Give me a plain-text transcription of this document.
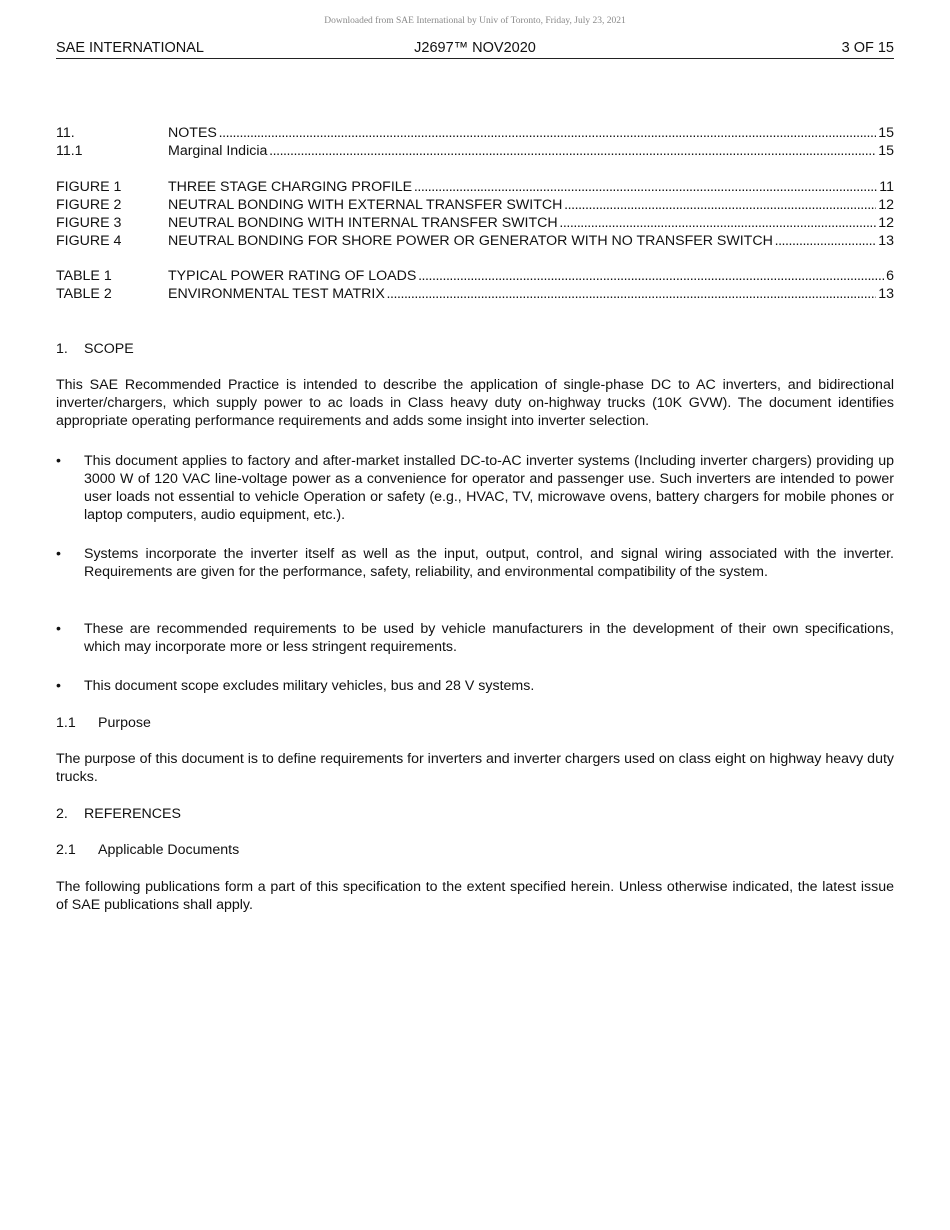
Downloaded from SAE International by Univ of Toronto, Friday, July 23, 2021
SAE INTERNATIONAL	J2697™ NOV2020	3 OF 15
11.	NOTES . . .	15
11.1	Marginal Indicia . . .	15
FIGURE 1	THREE STAGE CHARGING PROFILE . . .	11
FIGURE 2	NEUTRAL BONDING WITH EXTERNAL TRANSFER SWITCH . . .	12
FIGURE 3	NEUTRAL BONDING WITH INTERNAL TRANSFER SWITCH . . .	12
FIGURE 4	NEUTRAL BONDING FOR SHORE POWER OR GENERATOR WITH NO TRANSFER SWITCH . . .	13
TABLE 1	TYPICAL POWER RATING OF LOADS . . .	6
TABLE 2	ENVIRONMENTAL TEST MATRIX . . .	13
1. SCOPE
This SAE Recommended Practice is intended to describe the application of single-phase DC to AC inverters, and bidirectional inverter/chargers, which supply power to ac loads in Class heavy duty on-highway trucks (10K GVW). The document identifies appropriate operating performance requirements and adds some insight into inverter selection.
•	This document applies to factory and after-market installed DC-to-AC inverter systems (Including inverter chargers) providing up 3000 W of 120 VAC line-voltage power as a convenience for operator and passenger use. Such inverters are intended to power user loads not essential to vehicle Operation or safety (e.g., HVAC, TV, microwave ovens, battery chargers for mobile phones or laptop computers, audio equipment, etc.).
•	Systems incorporate the inverter itself as well as the input, output, control, and signal wiring associated with the inverter. Requirements are given for the performance, safety, reliability, and environmental compatibility of the system.
•	These are recommended requirements to be used by vehicle manufacturers in the development of their own specifications, which may incorporate more or less stringent requirements.
•	This document scope excludes military vehicles, bus and 28 V systems.
1.1 Purpose
The purpose of this document is to define requirements for inverters and inverter chargers used on class eight on highway heavy duty trucks.
2. REFERENCES
2.1 Applicable Documents
The following publications form a part of this specification to the extent specified herein. Unless otherwise indicated, the latest issue of SAE publications shall apply.
